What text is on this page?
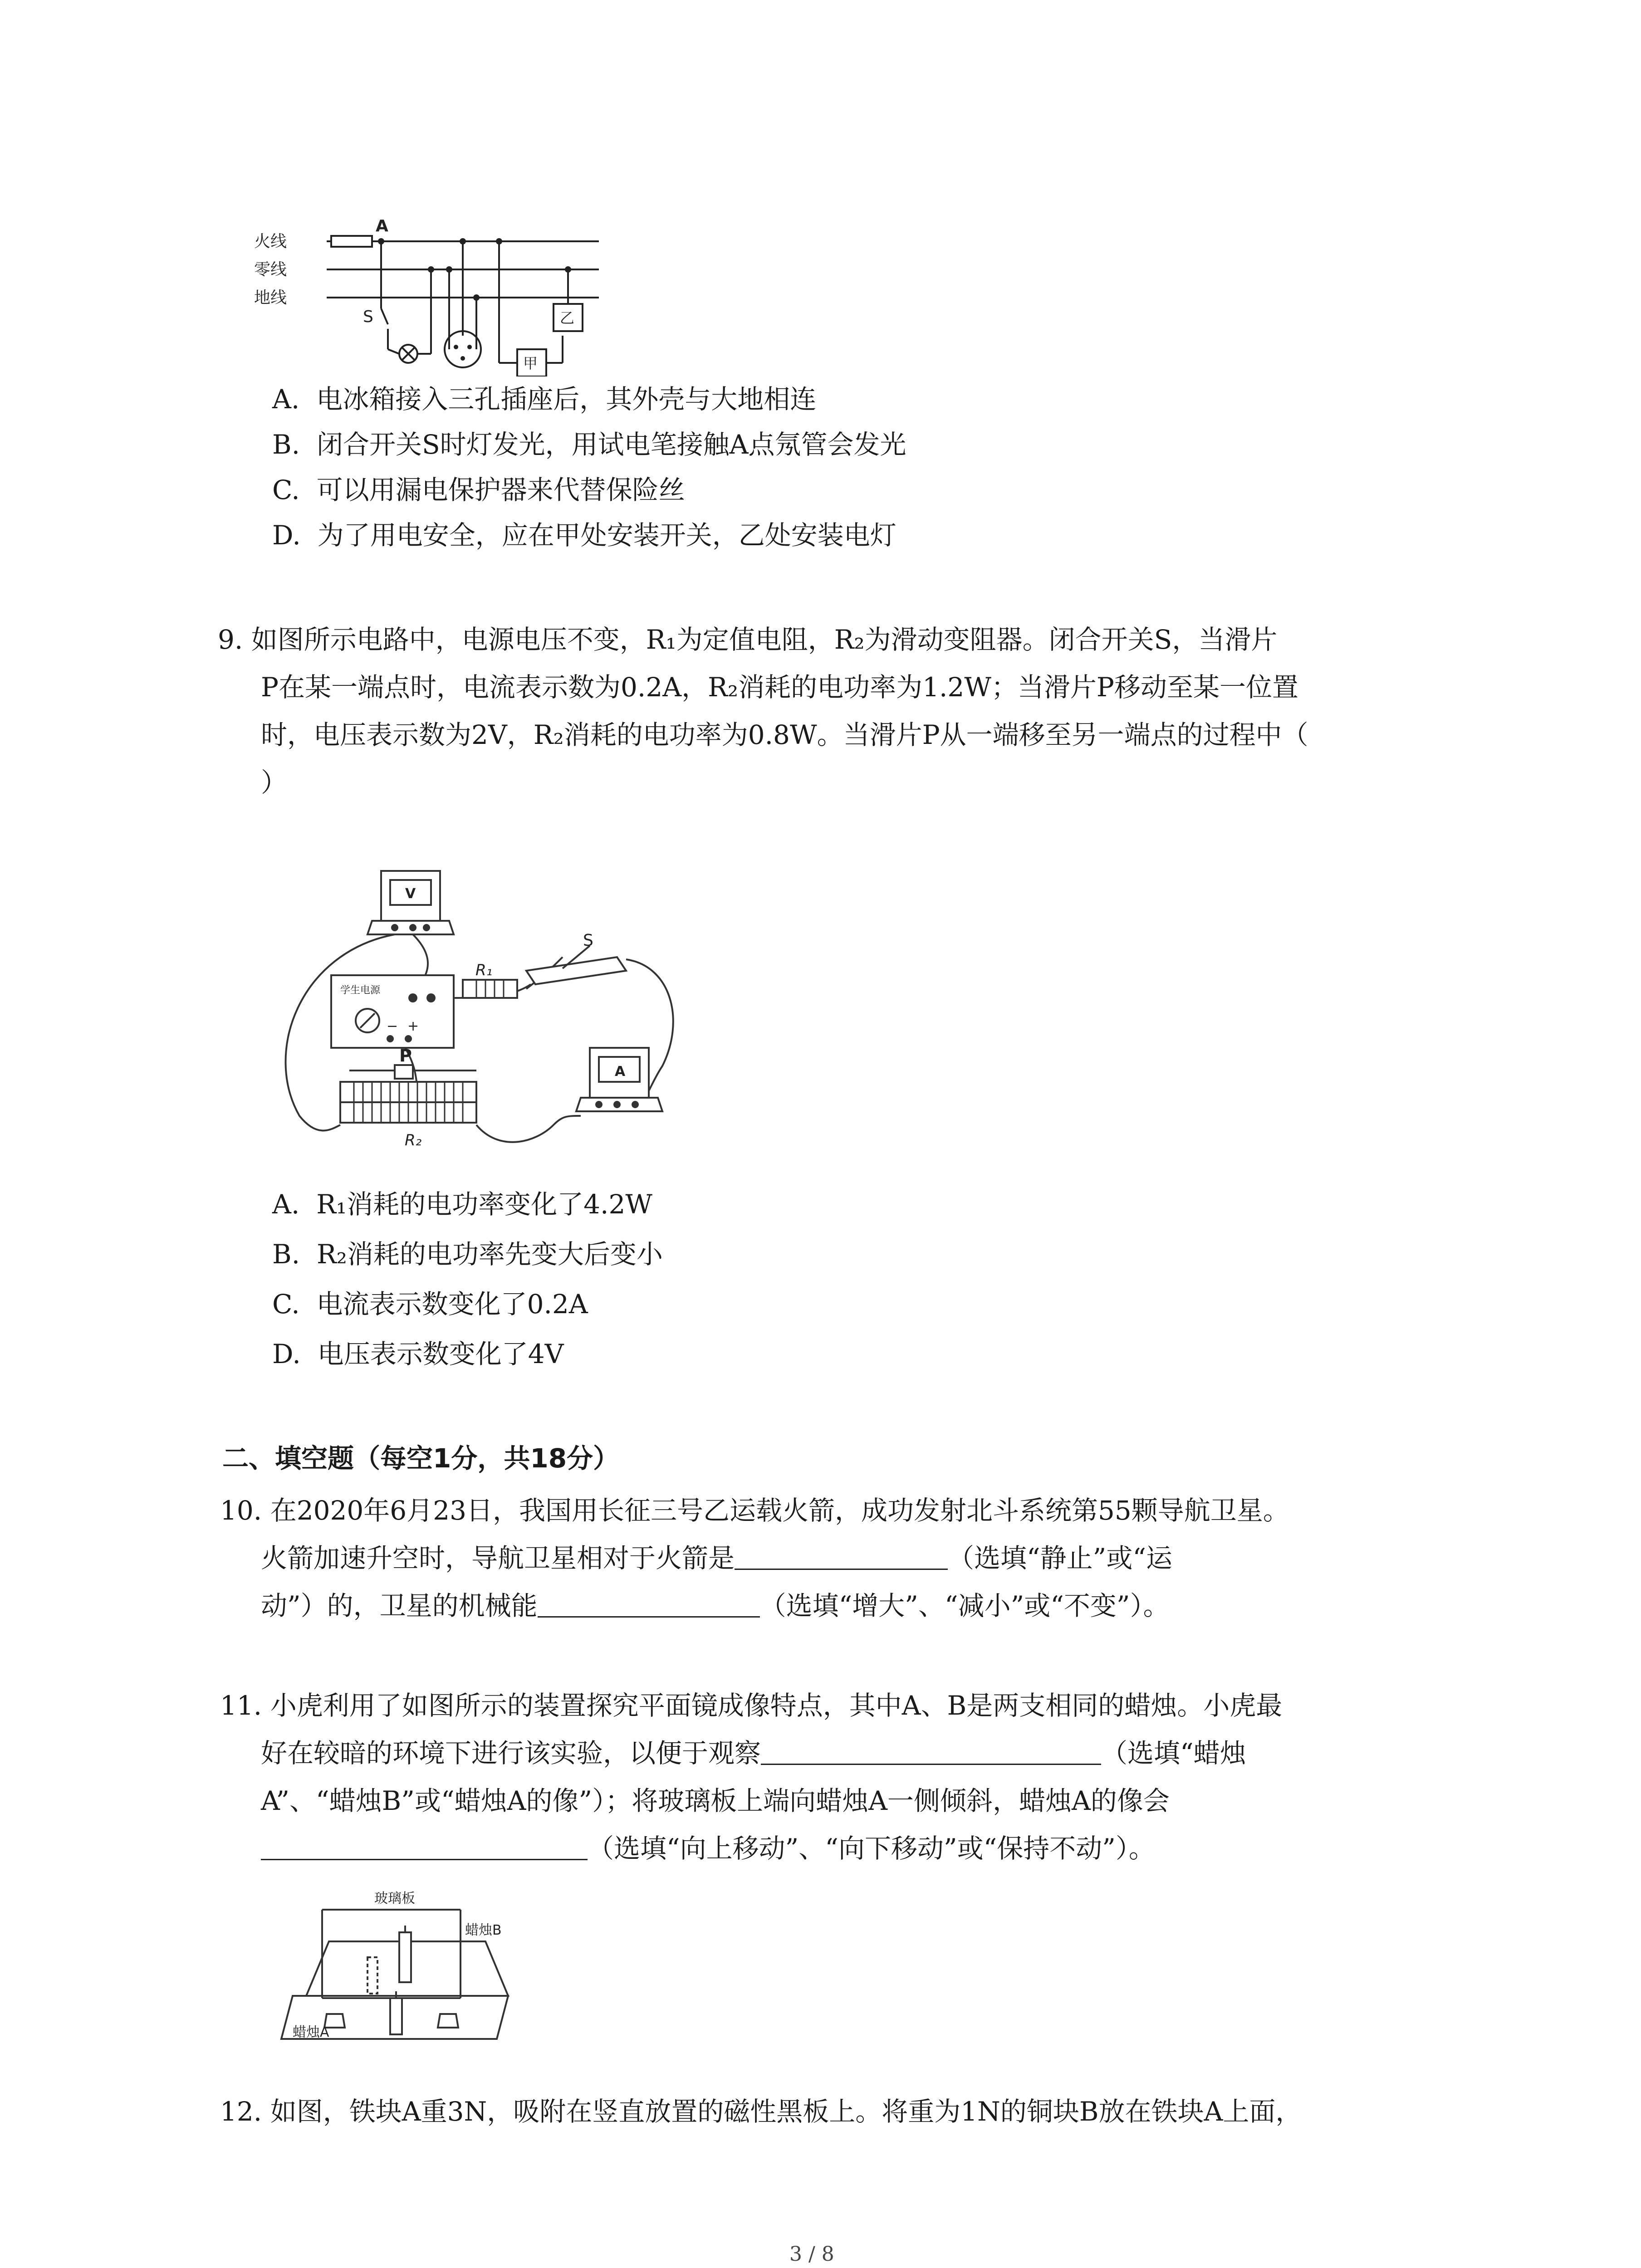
火线
零线
地线
A
S
甲
乙
A. 电冰箱接入三孔插座后，其外壳与大地相连
B. 闭合开关S时灯发光，用试电笔接触A点氖管会发光
C. 可以用漏电保护器来代替保险丝
D. 为了用电安全，应在甲处安装开关，乙处安装电灯
9. 如图所示电路中，电源电压不变，R₁为定值电阻，R₂为滑动变阻器。闭合开关S，当滑片
P在某一端点时，电流表示数为0.2A，R₂消耗的电功率为1.2W；当滑片P移动至某一位置
时，电压表示数为2V，R₂消耗的电功率为0.8W。当滑片P从一端移至另一端点的过程中（
）
V
A
S
R₁
R₂
P
学生电源
− +
A. R₁消耗的电功率变化了4.2W
B. R₂消耗的电功率先变大后变小
C. 电流表示数变化了0.2A
D. 电压表示数变化了4V
二、填空题（每空1分，共18分）
10. 在2020年6月23日，我国用长征三号乙运载火箭，成功发射北斗系统第55颗导航卫星。
火箭加速升空时，导航卫星相对于火箭是	（选填“静止”或“运
动”）的，卫星的机械能	（选填“增大”、“减小”或“不变”）。
11. 小虎利用了如图所示的装置探究平面镜成像特点，其中A、B是两支相同的蜡烛。小虎最
好在较暗的环境下进行该实验，以便于观察	（选填“蜡烛
A”、“蜡烛B”或“蜡烛A的像”）；将玻璃板上端向蜡烛A一侧倾斜，蜡烛A的像会
（选填“向上移动”、“向下移动”或“保持不动”）。
玻璃板
蜡烛B
蜡烛A
12. 如图，铁块A重3N，吸附在竖直放置的磁性黑板上。将重为1N的铜块B放在铁块A上面，
3 / 8
